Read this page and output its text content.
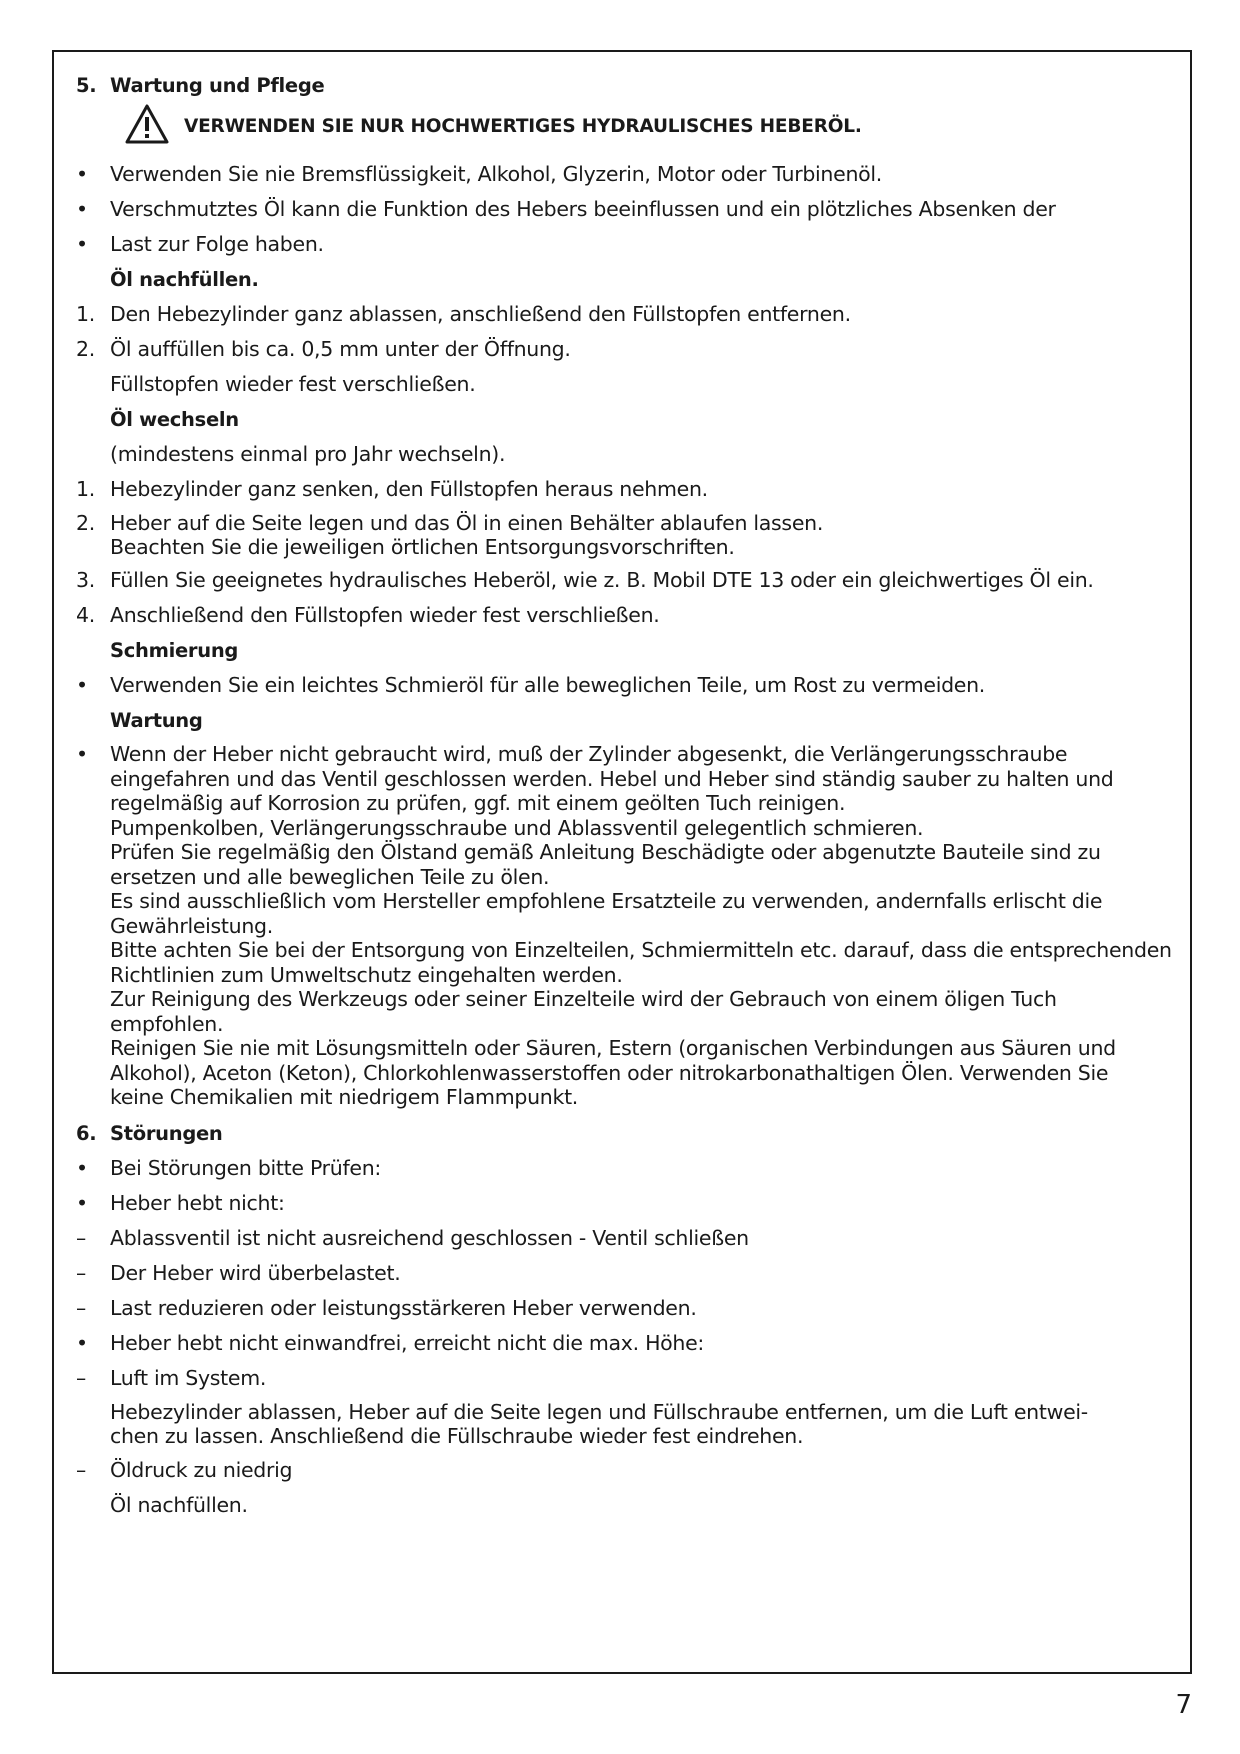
5. Wartung und Pflege
VERWENDEN SIE NUR HOCHWERTIGES HYDRAULISCHES HEBERÖL.
• Verwenden Sie nie Bremsflüssigkeit, Alkohol, Glyzerin, Motor oder Turbinenöl.
• Verschmutztes Öl kann die Funktion des Hebers beeinflussen und ein plötzliches Absenken der
• Last zur Folge haben.
Öl nachfüllen.
1. Den Hebezylinder ganz ablassen, anschließend den Füllstopfen entfernen.
2. Öl auffüllen bis ca. 0,5 mm unter der Öffnung.
Füllstopfen wieder fest verschließen.
Öl wechseln
(mindestens einmal pro Jahr wechseln).
1. Hebezylinder ganz senken, den Füllstopfen heraus nehmen.
2. Heber auf die Seite legen und das Öl in einen Behälter ablaufen lassen.
Beachten Sie die jeweiligen örtlichen Entsorgungsvorschriften.
3. Füllen Sie geeignetes hydraulisches Heberöl, wie z. B. Mobil DTE 13 oder ein gleichwertiges Öl ein.
4. Anschließend den Füllstopfen wieder fest verschließen.
Schmierung
• Verwenden Sie ein leichtes Schmieröl für alle beweglichen Teile, um Rost zu vermeiden.
Wartung
• Wenn der Heber nicht gebraucht wird, muß der Zylinder abgesenkt, die Verlängerungsschraube
eingefahren und das Ventil geschlossen werden. Hebel und Heber sind ständig sauber zu halten und
regelmäßig auf Korrosion zu prüfen, ggf. mit einem geölten Tuch reinigen.
Pumpenkolben, Verlängerungsschraube und Ablassventil gelegentlich schmieren.
Prüfen Sie regelmäßig den Ölstand gemäß Anleitung Beschädigte oder abgenutzte Bauteile sind zu
ersetzen und alle beweglichen Teile zu ölen.
Es sind ausschließlich vom Hersteller empfohlene Ersatzteile zu verwenden, andernfalls erlischt die
Gewährleistung.
Bitte achten Sie bei der Entsorgung von Einzelteilen, Schmiermitteln etc. darauf, dass die entsprechenden
Richtlinien zum Umweltschutz eingehalten werden.
Zur Reinigung des Werkzeugs oder seiner Einzelteile wird der Gebrauch von einem öligen Tuch empfohlen.
Reinigen Sie nie mit Lösungsmitteln oder Säuren, Estern (organischen Verbindungen aus Säuren und
Alkohol), Aceton (Keton), Chlorkohlenwasserstoffen oder nitrokarbonathaltigen Ölen. Verwenden Sie
keine Chemikalien mit niedrigem Flammpunkt.
6. Störungen
• Bei Störungen bitte Prüfen:
• Heber hebt nicht:
– Ablassventil ist nicht ausreichend geschlossen - Ventil schließen
– Der Heber wird überbelastet.
– Last reduzieren oder leistungsstärkeren Heber verwenden.
• Heber hebt nicht einwandfrei, erreicht nicht die max. Höhe:
– Luft im System.
Hebezylinder ablassen, Heber auf die Seite legen und Füllschraube entfernen, um die Luft entwei-
chen zu lassen. Anschließend die Füllschraube wieder fest eindrehen.
– Öldruck zu niedrig
Öl nachfüllen.
7
